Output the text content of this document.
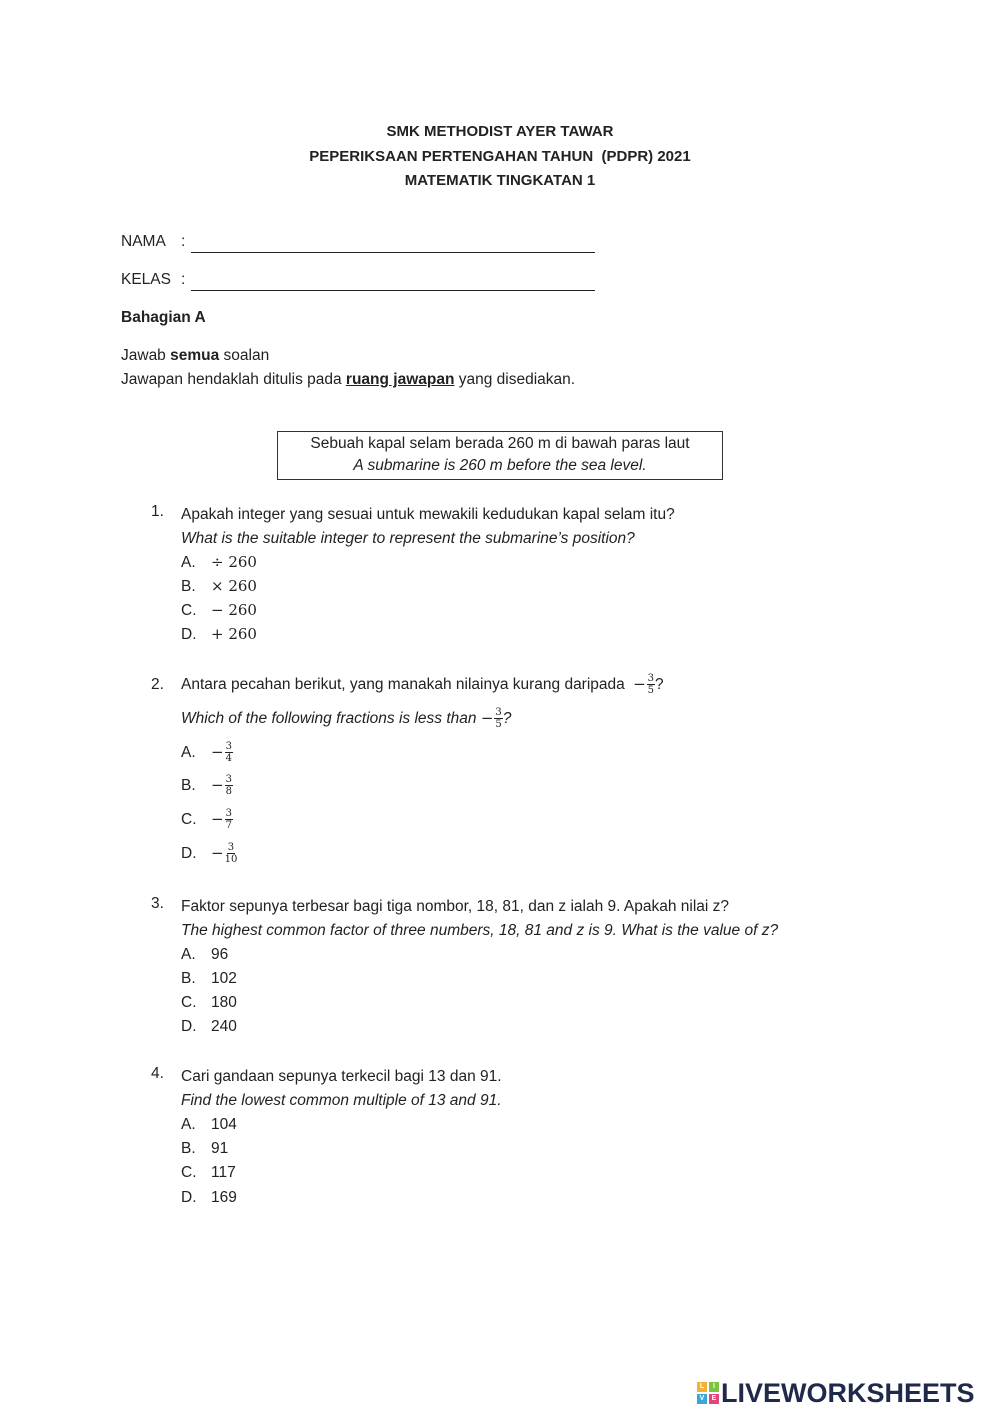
SMK METHODIST AYER TAWAR
PEPERIKSAAN PERTENGAHAN TAHUN  (PDPR) 2021
MATEMATIK TINGKATAN 1
NAMA :
KELAS :
Bahagian A
Jawab semua soalan
Jawapan hendaklah ditulis pada ruang jawapan yang disediakan.
Sebuah kapal selam berada 260 m di bawah paras laut
A submarine is 260 m before the sea level.
1. Apakah integer yang sesuai untuk mewakili kedudukan kapal selam itu?
What is the suitable integer to represent the submarine’s position?
A. ÷ 260
B. × 260
C. − 260
D. + 260
2. Antara pecahan berikut, yang manakah nilainya kurang daripada − $\frac{3}{5}$ ?
Which of the following fractions is less than − $\frac{3}{5}$ ?
A. − $\frac{3}{4}$
B. − $\frac{3}{8}$
C. − $\frac{3}{7}$
D. − $\frac{3}{10}$
3. Faktor sepunya terbesar bagi tiga nombor, 18, 81, dan z ialah 9. Apakah nilai z?
The highest common factor of three numbers, 18, 81 and z is 9. What is the value of z?
A. 96
B. 102
C. 180
D. 240
4. Cari gandaan sepunya terkecil bagi 13 dan 91.
Find the lowest common multiple of 13 and 91.
A. 104
B. 91
C. 117
D. 169
L	I
V	E LIVEWORKSHEETS
